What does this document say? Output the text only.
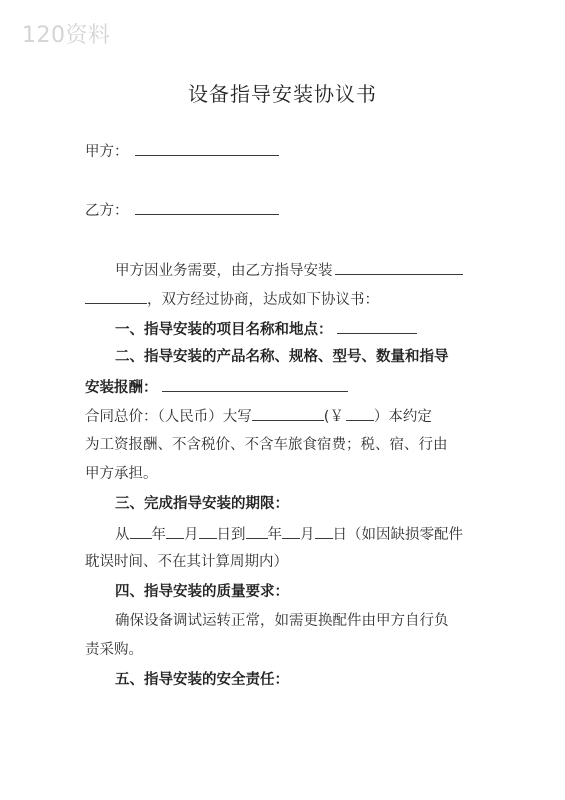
120资料
设备指导安装协议书
甲方：
乙方：
甲方因业务需要，由乙方指导安装
，双方经过协商，达成如下协议书：
一、指导安装的项目名称和地点：
二、指导安装的产品名称、规格、型号、数量和指导
安装报酬：
合同总价：（人民币）大写	(￥ ）本约定
为工资报酬、不含税价、不含车旅食宿费；税、宿、行由
甲方承担。
三、完成指导安装的期限：
从 年 月 日到 年 月 日（如因缺损零配件
耽误时间、不在其计算周期内）
四、指导安装的质量要求：
确保设备调试运转正常，如需更换配件由甲方自行负
责采购。
五、指导安装的安全责任：
